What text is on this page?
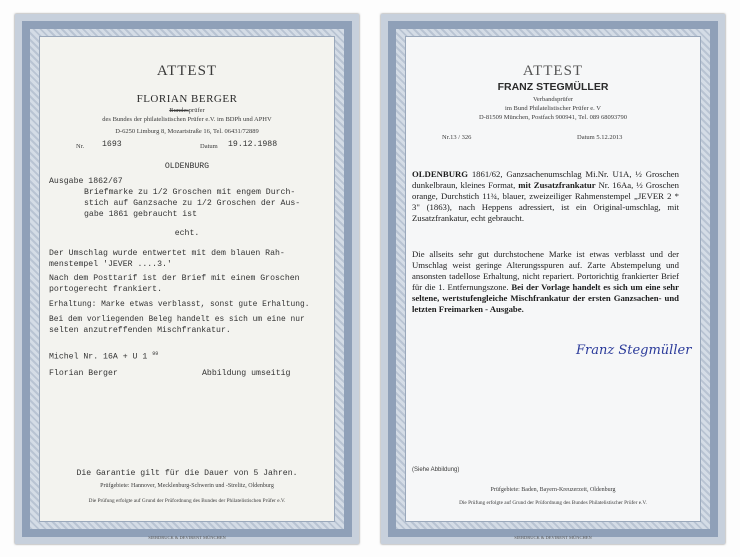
ATTEST
FLORIAN BERGER
Bundesprüfer
des Bundes der philatelistischen Prüfer e.V. im BDPh und APHV
D-6250 Limburg 8, Mozartstraße 16, Tel. 06431/72889
Nr. 1693	Datum 19.12.1988
OLDENBURG
Ausgabe 1862/67
Briefmarke zu 1/2 Groschen mit engem Durch-
stich auf Ganzsache zu 1/2 Groschen der Aus-
gabe 1861 gebraucht ist
echt.
Der Umschlag wurde entwertet mit dem blauen Rah-
menstempel 'JEVER ....3.'
Nach dem Posttarif ist der Brief mit einem Groschen
portogerecht frankiert.
Erhaltung: Marke etwas verblasst, sonst gute Erhaltung.
Bei dem vorliegenden Beleg handelt es sich um eine nur
selten anzutreffenden Mischfrankatur.
Michel Nr. 16A + U 1 $^{99}$
Florian Berger	Abbildung umseitig
Die Garantie gilt für die Dauer von 5 Jahren.
Prüfgebiete: Hannover, Mecklenburg-Schwerin und -Strelitz, Oldenburg
Die Prüfung erfolgte auf Grund der Prüfordnung des Bundes der Philatelistischen Prüfer e.V.
SIEBDRUCK & DEVIRENT MÜNCHEN
ATTEST
FRANZ STEGMÜLLER
Verbandsprüfer
im Bund Philatelistischer Prüfer e. V
D-81509 München, Postfach 900941, Tel. 089 68093790
Nr.13 / 326	Datum 5.12.2013
OLDENBURG 1861/62, Ganzsachenumschlag Mi.Nr. U1A, ½ Groschen dunkelbraun, kleines Format, mit Zusatzfrankatur Nr. 16Aa, ½ Groschen orange, Durchstich 11¾, blauer, zweizeiliger Rahmenstempel „JEVER 2 * 3" (1863), nach Heppens adressiert, ist ein Original-umschlag, mit Zusatzfrankatur, echt gebraucht.
Die allseits sehr gut durchstochene Marke ist etwas verblasst und der Umschlag weist geringe Alterungsspuren auf. Zarte Abstempelung und ansonsten tadellose Erhaltung, nicht repariert. Portorichtig frankierter Brief für die 1. Entfernungszone. Bei der Vorlage handelt es sich um eine sehr seltene, wertstufengleiche Mischfrankatur der ersten Ganzsachen- und letzten Freimarken - Ausgabe.
Franz Stegmüller
(Siehe Abbildung)
Prüfgebiete: Baden, Bayern-Kreuzerzeit, Oldenburg
Die Prüfung erfolgte auf Grund der Prüfordnung des Bundes Philatelistischer Prüfer e.V.
SIEBDRUCK & DEVIRENT MÜNCHEN
